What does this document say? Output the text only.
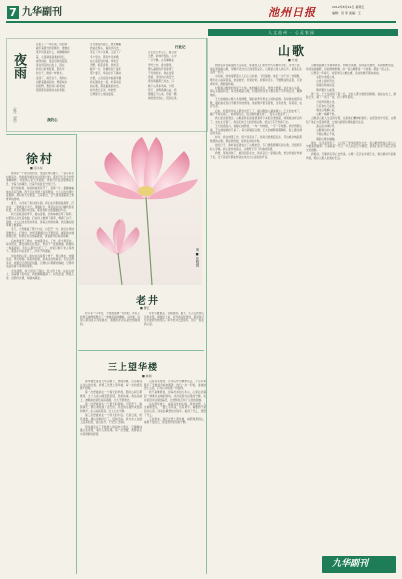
7 九华副刊	池州日报	2012年8月24日 星期五
编辑：吴 李 美编：王
人文池州 · 心灵家园
夜雨
（外二首）

夜里下了一场小雨，轻轻地

敲打着窗外的芭蕉叶，像谁在

低声诉说着什么，我静静地听

着，心里满是温柔的回忆。

雨丝斜斜，落在旧时的院落，

落在母亲的白发上，落在

我远行的背影里，那些年

的日子，像雨一样绵长。

夜深了，雨还在下，我的心

也跟着湿润起来，想起故乡

的田野，想起村口的老树，

想起那些渐渐远去的身影。

我的心

月光照在河面上，波光粼粼

我站在桥头，看流水远去，

带走了多少往事，又留下了

多少思念，那些岁月如歌，

在心底轻轻吟唱。风吹过

田野，稻花香里，我听见

蛙声一片，仿佛回到了童年

那个夏天，母亲在灯下缝补

衣裳，父亲在院中抽着旱烟

我们围坐在一起，听着远处

的山歌，那是最美的时光。

如今我已走远，却依然

记得那片土地的温度。

行此记

行走在九华山下，看云卷

云舒，听钟声悠扬，心中

一片宁静。古寺掩映在

翠竹之中，香火缭绕，

僧人诵经的声音穿透了

千年的时光。我在这里

停留，寻找内心的安宁，

那些喧嚣都已远去，只

剩下山风和鸟鸣。夕阳

西下，余晖洒满山谷，我

慢慢走下山来，带着一颗

被洗涤过的心，回到尘世。

徐村
■ 章小东

徐村是一个很小的村庄，坐落在青山脚下，一条小河从村前流过。我的童年就是在这里度过的，那些记忆至今仍然清晰如昨。村里的人家大多姓徐，世世代代在这里繁衍生息，守着几亩薄田，过着平淡而安宁的日子。

春天的时候，村前的油菜花开了，金黄一片，蜜蜂嗡嗡地在花间飞舞。孩子们在田埂上追逐嬉戏，大人们在田里忙着春耕。那时的天空很蓝，云朵很白，空气里弥漫着泥土和青草的香味。

夏天，小河成了我们的乐园。我们在河里摸鱼捉虾，打水仗，一玩就是大半天。傍晚时分，母亲站在村口喊我回家吃饭，声音在暮色中回荡，那是我听过最温暖的声音。

秋天是收获的季节，稻谷金黄，沉甸甸地压弯了稻秆。村里的人们忙着收割，打谷场上堆满了稻草，晒满了谷子。夜晚，大人们坐在场边乘凉，讲着古老的故事，我们躺在稻草堆上数星星。

冬天，大雪覆盖了整个村庄，白茫茫一片。我们在雪地里堆雪人、打雪仗，冻得手脚通红也不愿回家。屋里的火塘烧得正旺，奶奶在火边纳着鞋底，讲着她年轻时的故事。

后来我离开了徐村，去城里读书、工作，很少再回去。每次回去，都发现村庄在变化，老房子一座座倒塌，新楼房一栋栋建起，年轻人都外出打工了，村里只剩下老人和孩子。那条小河也变窄了，河水不再清澈。

但在我的心里，徐村永远是那个样子，青山绿水，炊烟袅袅，鸡犬相闻。那是我的根，是我永远的故乡。无论走得多远，我都会记得回家的路，记得村口那棵老槐树，记得母亲站在树下等我的身影。

今年清明，我又回到了徐村，给父母上坟。站在山坡上，望着脚下的村庄，我的眼睛湿润了。时光流逝，物是人非，但那份乡情，却越来越浓。

荷 ■ 张晓摄
老井
■ 曹红

村口有一口老井，不知道是哪一年挖的，井沿上的青石被绳索磨出了一道道深深的槽痕。小时候，村里人都到这口井里挑水，清晨的井边总是热热闹闹的。

井水冬暖夏凉，甘甜清冽。夏天，大人们把西瓜吊进井里，傍晚捞上来，切开来凉丝丝的，那是我记忆中最好吃的西瓜。如今老井已经废弃，但它一直在我心里。

三上望华楼
■ 林桢

望华楼坐落在九华山脚下，登楼远眺，可以看到九华山的全貌。我曾三次登上望华楼，每一次的感受都不相同。

第一次登楼是在一个春天的早晨。那时山间云雾缭绕，九十九座山峰若隐若现，宛如仙境。我站在楼上，被眼前的景色深深震撼，久久不愿离去。

第二次登楼是在一个夏天的傍晚。夕阳西下，晚霞满天，群山被染成了金红色。远处的寺庙传来悠扬的钟声，在山谷间回荡，让人心生宁静。

第三次登楼是在一个秋天的午后。天高云淡，秋风送爽，满山的枫叶红了，层林尽染。我与友人在楼上品茶论道，谈古说今，不觉日已西斜。

望华楼见证了无数游人的到来与离去，它静静地矗立在那里，看尽人间沧桑。每一次登楼，我都能从中获得新的感悟。

山是有灵性的。九华山作为佛教名山，千百年来吸引了无数信众前来朝拜。他们一步一叩首，虔诚地登上山顶，只为心中的那一份信仰。

我不是佛教徒，但每次来到九华山，心里总会涌起一种难以言喻的感动。也许是因为这里的宁静，也许是因为这里的慈悲，让我暂时忘却了尘世的烦恼。

站在望华楼上，看着远处的山峰，我常常想，人生就像登山，一路上有风景，也有艰辛。重要的不是到达山顶，而是在攀登的过程中，看到了什么，感悟了什么。

下次再来，我还会登上望华楼，看那熟悉的山，看那不变的云，感受那份永恒的宁静。

山歌
■ 方成

我的家乡在皖南的大山深处，那里的人们世世代代以种田为生。劳作之余，他们喜欢唱山歌，用歌声表达自己的喜怒哀乐。山歌是山里人的心声，是他们生活的一部分。

小时候，我常常跟着大人们上山砍柴，下田插秧。他们一边干活一边唱歌，歌声在山谷间回荡，此起彼伏，非常好听。我那时还小，不懂歌词的意思，只觉得好听，便跟着哼唱。

村里唱山歌最好的是王大伯。他的嗓音洪亮，穿透力很强，站在这山头唱，那山头都能听见。每当他唱起山歌，村里的男女老少都会停下手中的活计，静静地听。

王大伯唱的山歌大多是情歌，唱的是青年男女之间的爱情。有时候也唱劳动歌，唱的是农民们辛勤劳作的情景。他的歌声里有喜悦，也有忧伤，有希望，也有无奈。

后来，村里的年轻人都外出打工了，唱山歌的人越来越少。王大伯也老了，嗓子不如从前了。他常常叹息，说山歌快要失传了，没有人愿意学了。

我心里也很难过。山歌是我们祖祖辈辈传下来的宝贵财富，如果就这样失传了，实在太可惜了。我决定向王大伯学唱山歌，把这门手艺传承下去。

王大伯很高兴，他耐心地教我，一句一句地唱，一字一字地教。我学得很认真，不久就能唱好几首了。每当我唱起山歌，王大伯就眯着眼睛听，脸上露出满意的笑容。

如今，我在城里工作，很少回家乡了。但每当我想起家乡，耳边就会响起那熟悉的山歌。那是我的根，是我永远的乡愁。

前些日子，我听说县里成立了山歌协会，专门搜集整理民间山歌，还组织年轻人学唱。我心里非常高兴，山歌终于有了传承的希望。

我想，等我退休了，就回到家乡去，和乡亲们一起唱山歌，把这份美好传承下去，让子孙后代都能听到这来自大山深处的声音。

山歌的曲调大多简单质朴，却饱含深情。有的高亢激昂，有的婉转悠扬，有的诙谐幽默，有的缠绵悱恻。每一首山歌都是一个故事，都是一段人生。

记得有一年春天，村里举行山歌比赛，各村的歌手都来参加。

　　太阳出来照山岗，

　　山岗上面好风光，

　　哥哥砍柴妹采茶，

　　歌声飘过九重冈。

那一次，王大伯获得了第一名，全村人都为他感到骄傲。他站在台上，满脸红光，唱了一首又一首，台下掌声雷动。

　　月亮弯弯照九州，

　　几家欢乐几家愁，

　　唱支山歌解心闷，

　　山歌一唱解千愁。

山歌是山里人生活的写照，也是他们精神的寄托。在艰苦的岁月里，山歌给了他们力量和希望，让他们能够乐观地面对生活。

　　高山流水响叮咚，

　　山歌唱出好心情，

　　不唱山歌心不快，

　　唱起山歌乐融融。

现在，生活条件好了，人们有了更多的娱乐方式，但山歌依然是山里人心中最美的旋律。它承载着一代又一代人的记忆与情感，是我们永远不能忘记的文化根脉。

我相信，只要我们用心去传承，山歌一定会永远唱下去，唱出新时代的新风貌，唱出山里人的美好生活。

九华副刊
